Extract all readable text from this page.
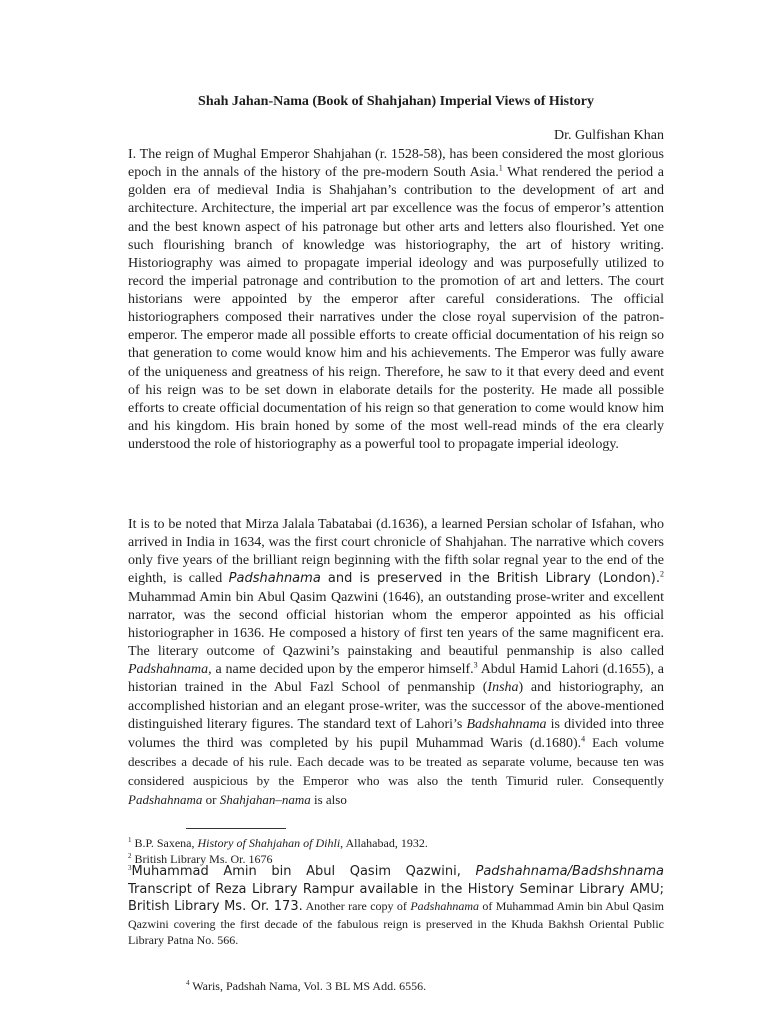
Shah Jahan-Nama (Book of Shahjahan) Imperial Views of History
Dr. Gulfishan Khan

I. The reign of Mughal Emperor Shahjahan (r. 1528-58), has been considered the most glorious epoch in the annals of the history of the pre-modern South Asia.$^1$ What rendered the period a golden era of medieval India is Shahjahan’s contribution to the development of art and architecture. Architecture, the imperial art par excellence was the focus of emperor’s attention and the best known aspect of his patronage but other arts and letters also flourished. Yet one such flourishing branch of knowledge was historiography, the art of history writing. Historiography was aimed to propagate imperial ideology and was purposefully utilized to record the imperial patronage and contribution to the promotion of art and letters. The court historians were appointed by the emperor after careful considerations. The official historiographers composed their narratives under the close royal supervision of the patron-emperor. The emperor made all possible efforts to create official documentation of his reign so that generation to come would know him and his achievements. The Emperor was fully aware of the uniqueness and greatness of his reign. Therefore, he saw to it that every deed and event of his reign was to be set down in elaborate details for the posterity. He made all possible efforts to create official documentation of his reign so that generation to come would know him and his kingdom. His brain honed by some of the most well-read minds of the era clearly understood the role of historiography as a powerful tool to propagate imperial ideology.

It is to be noted that Mirza Jalala Tabatabai (d.1636), a learned Persian scholar of Isfahan, who arrived in India in 1634, was the first court chronicle of Shahjahan. The narrative which covers only five years of the brilliant reign beginning with the fifth solar regnal year to the end of the eighth, is called Padshahnama and is preserved in the British Library (London).$^2$ Muhammad Amin bin Abul Qasim Qazwini (1646), an outstanding prose-writer and excellent narrator, was the second official historian whom the emperor appointed as his official historiographer in 1636. He composed a history of first ten years of the same magnificent era. The literary outcome of Qazwini’s painstaking and beautiful penmanship is also called Padshahnama, a name decided upon by the emperor himself.$^3$ Abdul Hamid Lahori (d.1655), a historian trained in the Abul Fazl School of penmanship (Insha) and historiography, an accomplished historian and an elegant prose-writer, was the successor of the above-mentioned distinguished literary figures. The standard text of Lahori’s Badshahnama is divided into three volumes the third was completed by his pupil Muhammad Waris (d.1680).$^4$ Each volume describes a decade of his rule. Each decade was to be treated as separate volume, because ten was considered auspicious by the Emperor who was also the tenth Timurid ruler. Consequently Padshahnama or Shahjahan–nama is also

$^1$ B.P. Saxena, History of Shahjahan of Dihli, Allahabad, 1932.

$^2$ British Library Ms. Or. 1676

$^3$Muhammad Amin bin Abul Qasim Qazwini, Padshahnama/Badshshnama Transcript of Reza Library Rampur available in the History Seminar Library AMU; British Library Ms. Or. 173. Another rare copy of Padshahnama of Muhammad Amin bin Abul Qasim Qazwini covering the first decade of the fabulous reign is preserved in the Khuda Bakhsh Oriental Public Library Patna No. 566.

$^4$ Waris, Padshah Nama, Vol. 3 BL MS Add. 6556.
